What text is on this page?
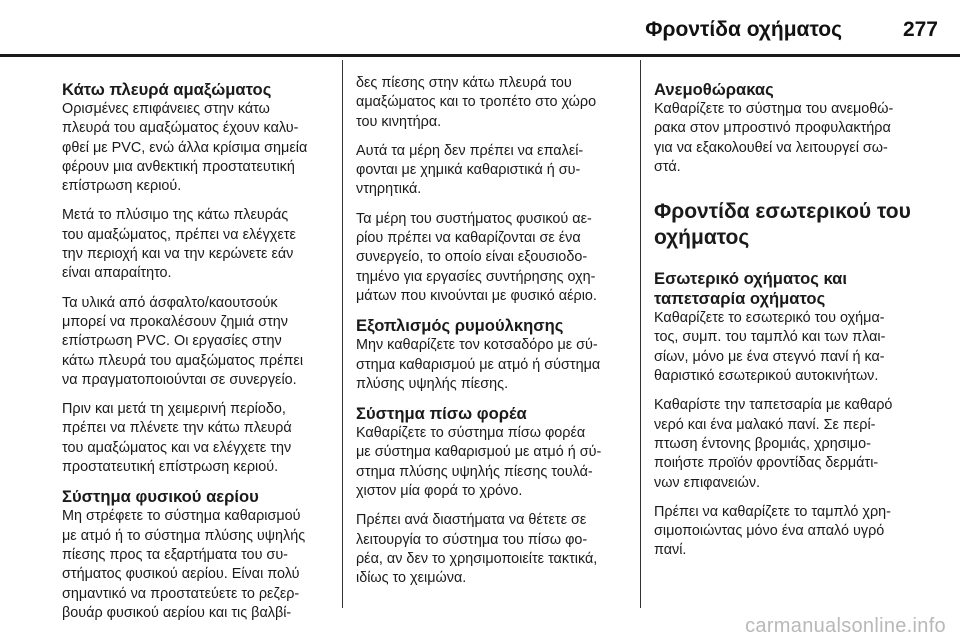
Φροντίδα οχήματος	277
Κάτω πλευρά αμαξώματος

Ορισμένες επιφάνειες στην κάτω
πλευρά του αμαξώματος έχουν καλυ-
φθεί με PVC, ενώ άλλα κρίσιμα σημεία
φέρουν μια ανθεκτική προστατευτική
επίστρωση κεριού.

Μετά το πλύσιμο της κάτω πλευράς
του αμαξώματος, πρέπει να ελέγχετε
την περιοχή και να την κερώνετε εάν
είναι απαραίτητο.

Τα υλικά από άσφαλτο/καουτσούκ
μπορεί να προκαλέσουν ζημιά στην
επίστρωση PVC. Οι εργασίες στην
κάτω πλευρά του αμαξώματος πρέπει
να πραγματοποιούνται σε συνεργείο.

Πριν και μετά τη χειμερινή περίοδο,
πρέπει να πλένετε την κάτω πλευρά
του αμαξώματος και να ελέγχετε την
προστατευτική επίστρωση κεριού.

Σύστημα φυσικού αερίου

Μη στρέφετε το σύστημα καθαρισμού
με ατμό ή το σύστημα πλύσης υψηλής
πίεσης προς τα εξαρτήματα του συ-
στήματος φυσικού αερίου. Είναι πολύ
σημαντικό να προστατεύετε το ρεζερ-
βουάρ φυσικού αερίου και τις βαλβί-

δες πίεσης στην κάτω πλευρά του
αμαξώματος και το τροπέτο στο χώρο
του κινητήρα.

Αυτά τα μέρη δεν πρέπει να επαλεί-
φονται με χημικά καθαριστικά ή συ-
ντηρητικά.

Τα μέρη του συστήματος φυσικού αε-
ρίου πρέπει να καθαρίζονται σε ένα
συνεργείο, το οποίο είναι εξουσιοδο-
τημένο για εργασίες συντήρησης οχη-
μάτων που κινούνται με φυσικό αέριο.

Εξοπλισμός ρυμούλκησης

Μην καθαρίζετε τον κοτσαδόρο με σύ-
στημα καθαρισμού με ατμό ή σύστημα
πλύσης υψηλής πίεσης.

Σύστημα πίσω φορέα

Καθαρίζετε το σύστημα πίσω φορέα
με σύστημα καθαρισμού με ατμό ή σύ-
στημα πλύσης υψηλής πίεσης τουλά-
χιστον μία φορά το χρόνο.

Πρέπει ανά διαστήματα να θέτετε σε
λειτουργία το σύστημα του πίσω φο-
ρέα, αν δεν το χρησιμοποιείτε τακτικά,
ιδίως το χειμώνα.

Ανεμοθώρακας

Καθαρίζετε το σύστημα του ανεμοθώ-
ρακα στον μπροστινό προφυλακτήρα
για να εξακολουθεί να λειτουργεί σω-
στά.

Φροντίδα εσωτερικού του
οχήματος
Εσωτερικό οχήματος και
ταπετσαρία οχήματος

Καθαρίζετε το εσωτερικό του οχήμα-
τος, συμπ. του ταμπλό και των πλαι-
σίων, μόνο με ένα στεγνό πανί ή κα-
θαριστικό εσωτερικού αυτοκινήτων.

Καθαρίστε την ταπετσαρία με καθαρό
νερό και ένα μαλακό πανί. Σε περί-
πτωση έντονης βρομιάς, χρησιμο-
ποιήστε προϊόν φροντίδας δερμάτι-
νων επιφανειών.

Πρέπει να καθαρίζετε το ταμπλό χρη-
σιμοποιώντας μόνο ένα απαλό υγρό
πανί.

carmanualsonline.info
